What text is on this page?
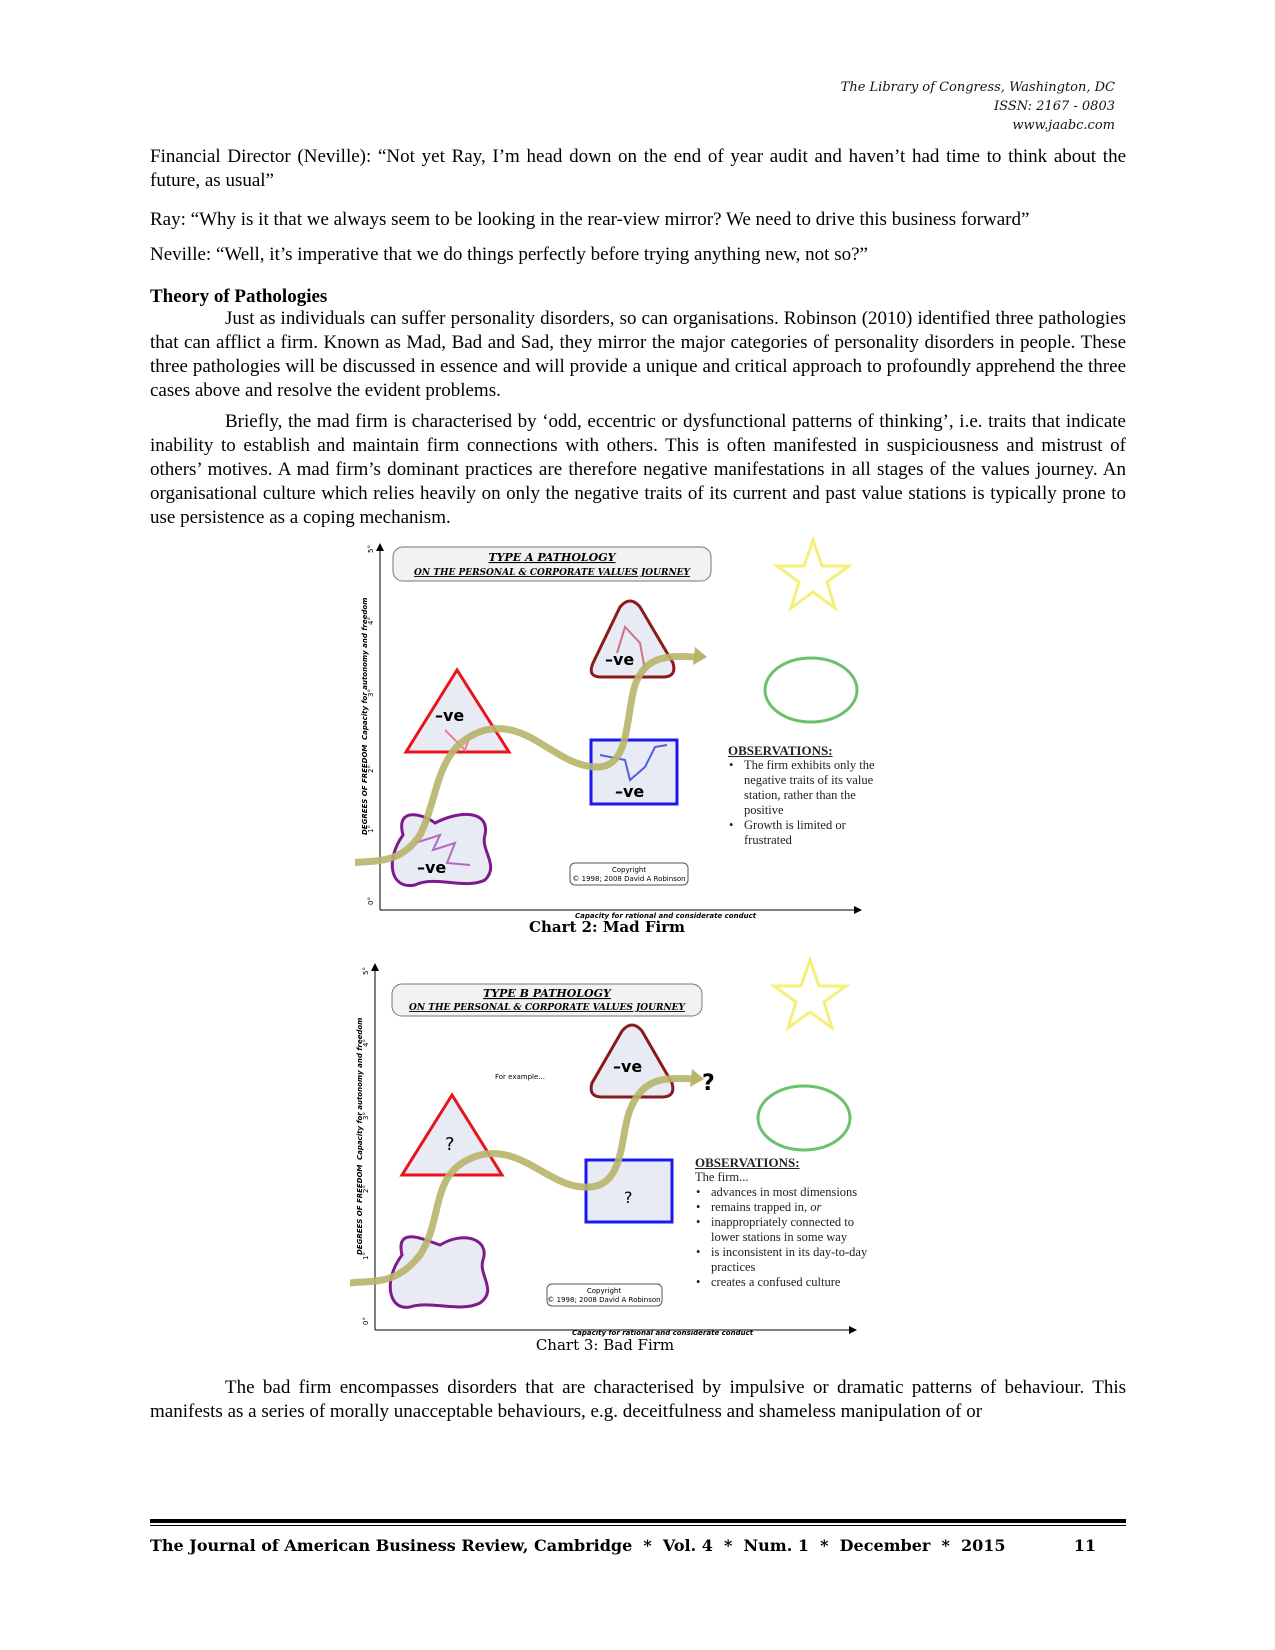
The Library of Congress, Washington, DC
ISSN: 2167 - 0803
www.jaabc.com
Financial Director (Neville): “Not yet Ray, I’m head down on the end of year audit and haven’t had time to think about the future, as usual”
Ray: “Why is it that we always seem to be looking in the rear-view mirror? We need to drive this business forward”
Neville: “Well, it’s imperative that we do things perfectly before trying anything new, not so?”
Theory of Pathologies
Just as individuals can suffer personality disorders, so can organisations. Robinson (2010) identified three pathologies that can afflict a firm. Known as Mad, Bad and Sad, they mirror the major categories of personality disorders in people. These three pathologies will be discussed in essence and will provide a unique and critical approach to profoundly apprehend the three cases above and resolve the evident problems.
Briefly, the mad firm is characterised by ‘odd, eccentric or dysfunctional patterns of thinking’, i.e. traits that indicate inability to establish and maintain firm connections with others. This is often manifested in suspiciousness and mistrust of others’ motives. A mad firm’s dominant practices are therefore negative manifestations in all stages of the values journey. An organisational culture which relies heavily on only the negative traits of its current and past value stations is typically prone to use persistence as a coping mechanism.
0°
1°
2°
3°
4°
5°
DEGREES OF FREEDOM
Capacity for autonomy and freedom
Capacity for rational and considerate conduct
TYPE A PATHOLOGY
ON THE PERSONAL & CORPORATE VALUES JOURNEY
–ve
–ve
–ve
–ve
Copyright
© 1998; 2008 David A Robinson
OBSERVATIONS:
• The firm exhibits only the negative traits of its value station, rather than the positive
• Growth is limited or frustrated
Chart 2: Mad Firm
0°
1°
2°
3°
4°
5°
DEGREES OF FREEDOM
Capacity for autonomy and freedom
Capacity for rational and considerate conduct
TYPE B PATHOLOGY
ON THE PERSONAL & CORPORATE VALUES JOURNEY
For example...
?
?
–ve
?
Copyright
© 1998; 2008 David A Robinson
OBSERVATIONS:
The firm...
• advances in most dimensions
• remains trapped in, or
• inappropriately connected to lower stations in some way
• is inconsistent in its day-to-day practices
• creates a confused culture
Chart 3: Bad Firm
The bad firm encompasses disorders that are characterised by impulsive or dramatic patterns of behaviour. This manifests as a series of morally unacceptable behaviours, e.g. deceitfulness and shameless manipulation of or
The Journal of American Business Review, Cambridge  *  Vol. 4  *  Num. 1  *  December  *  2015	11
